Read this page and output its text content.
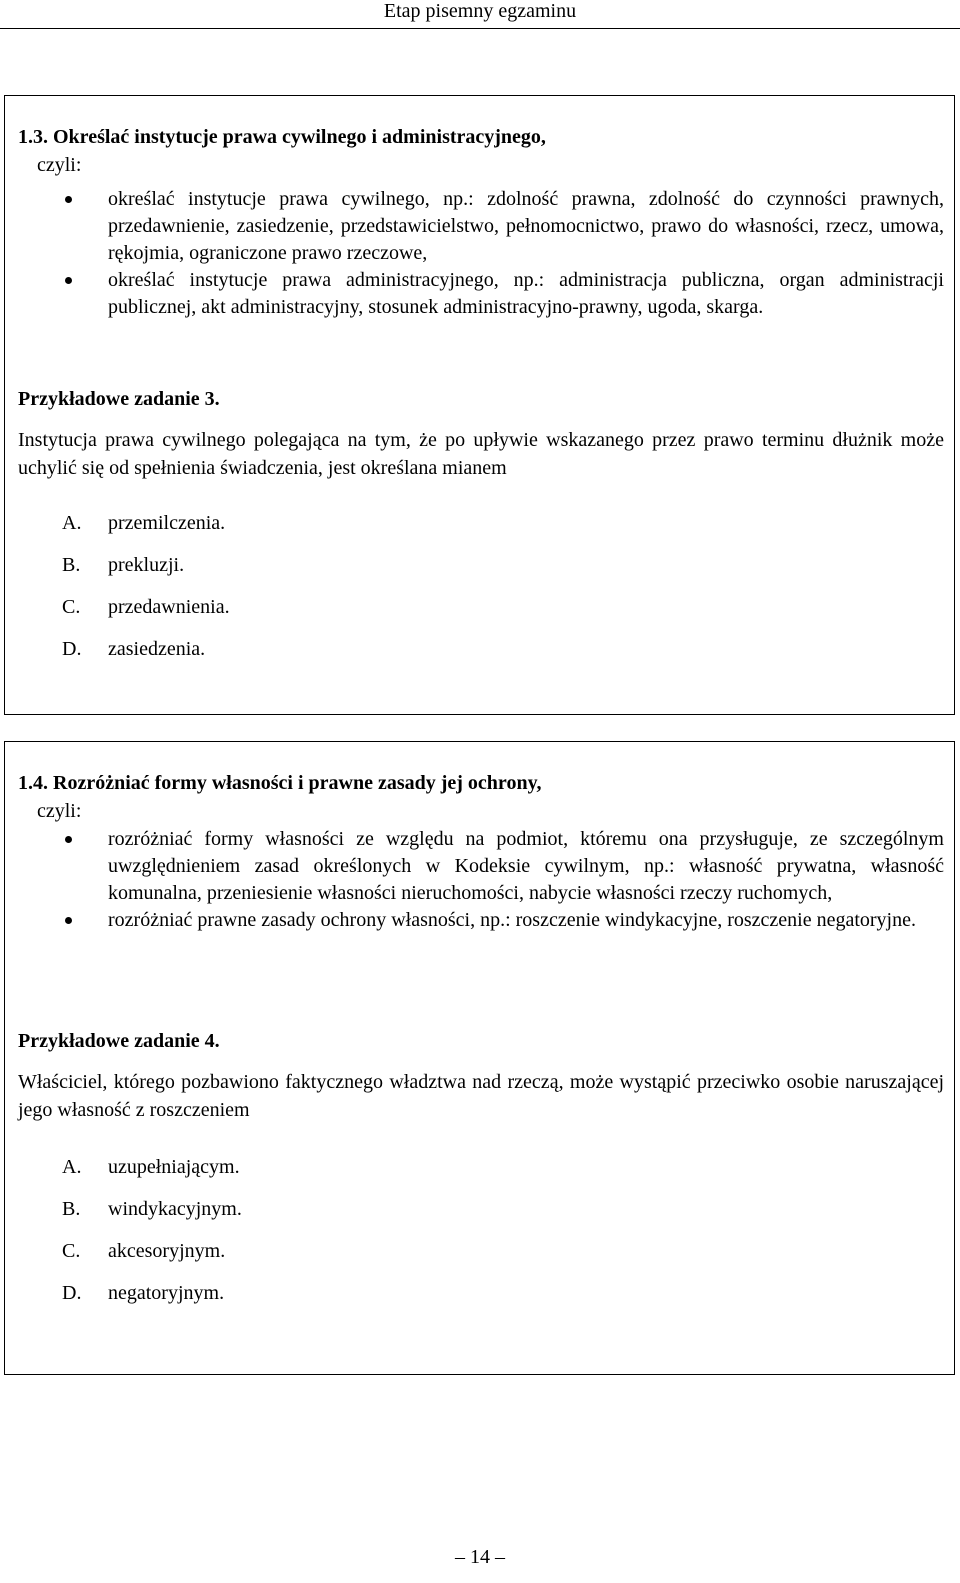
Etap pisemny egzaminu
1.3. Określać instytucje prawa cywilnego i administracyjnego,
czyli:
określać instytucje prawa cywilnego, np.: zdolność prawna, zdolność do czynności prawnych, przedawnienie, zasiedzenie, przedstawicielstwo, pełnomocnictwo, prawo do własności, rzecz, umowa, rękojmia, ograniczone prawo rzeczowe,
określać instytucje prawa administracyjnego, np.: administracja publiczna, organ administracji publicznej, akt administracyjny, stosunek administracyjno-prawny, ugoda, skarga.
Przykładowe zadanie 3.
Instytucja prawa cywilnego polegająca na tym, że po upływie wskazanego przez prawo terminu dłużnik może uchylić się od spełnienia świadczenia, jest określana mianem
A.	przemilczenia.
B.	prekluzji.
C.	przedawnienia.
D.	zasiedzenia.
1.4. Rozróżniać formy własności i prawne zasady jej ochrony,
czyli:
rozróżniać formy własności ze względu na podmiot, któremu ona przysługuje, ze szczególnym uwzględnieniem zasad określonych w Kodeksie cywilnym, np.: własność prywatna, własność komunalna, przeniesienie własności nieruchomości, nabycie własności rzeczy ruchomych,
rozróżniać prawne zasady ochrony własności, np.: roszczenie windykacyjne, roszczenie negatoryjne.
Przykładowe zadanie 4.
Właściciel, którego pozbawiono faktycznego władztwa nad rzeczą, może wystąpić przeciwko osobie naruszającej jego własność z roszczeniem
A.	uzupełniającym.
B.	windykacyjnym.
C.	akcesoryjnym.
D.	negatoryjnym.
– 14 –
